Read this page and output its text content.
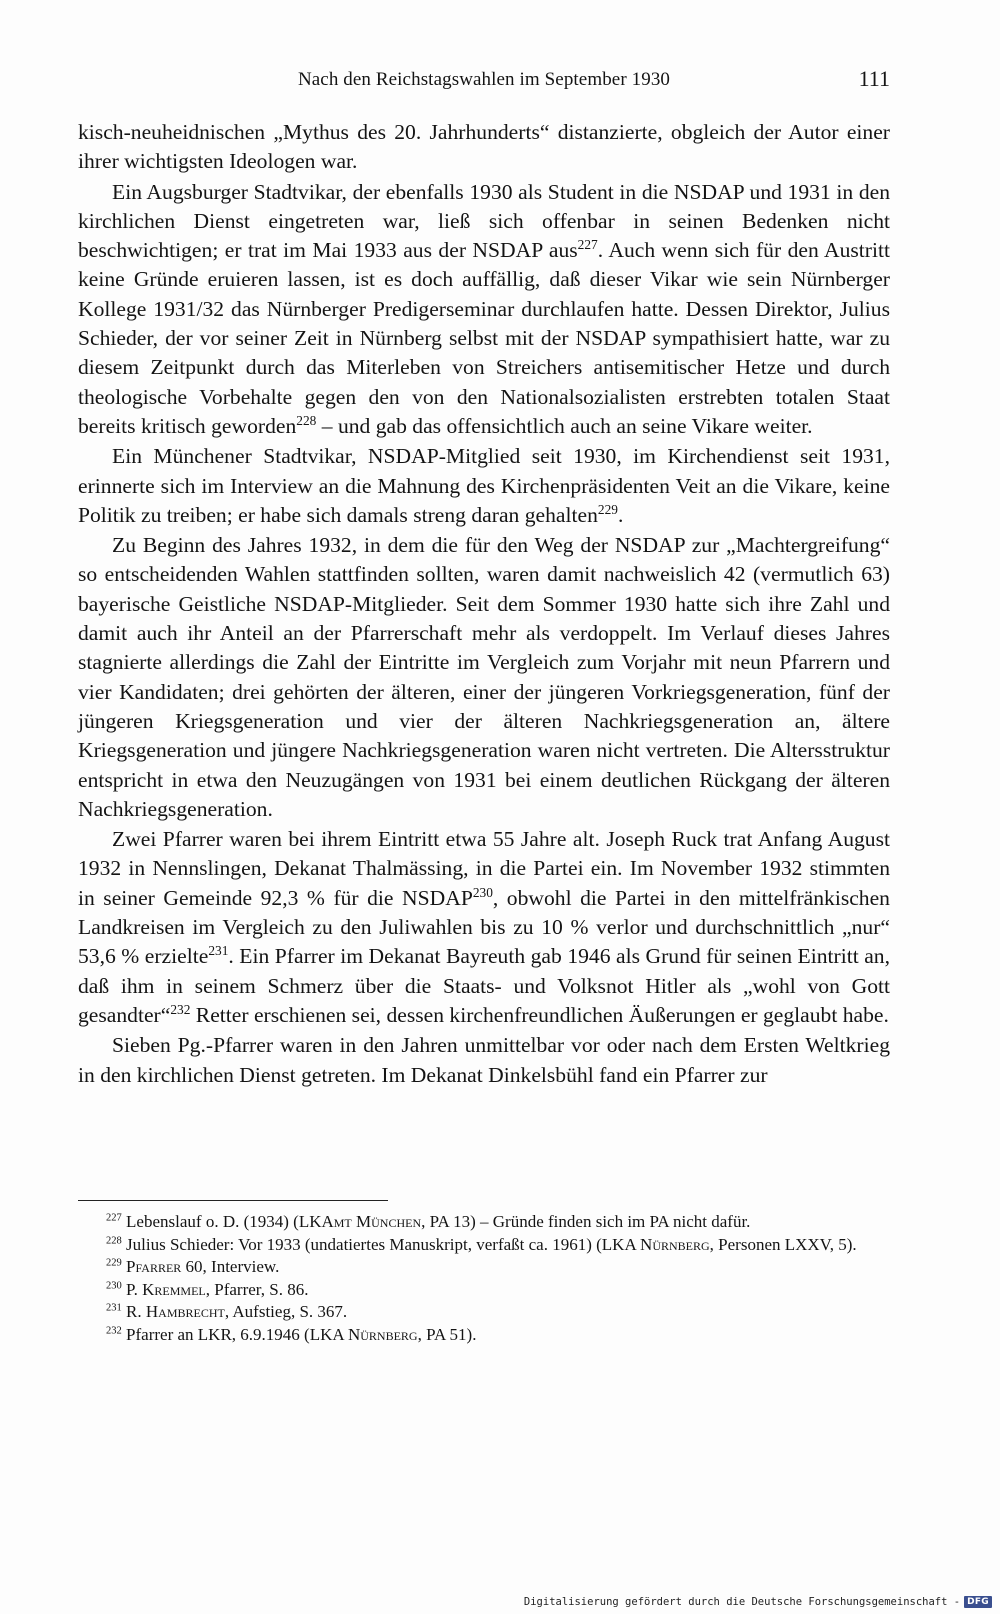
Nach den Reichstagswahlen im September 1930	111

kisch-neuheidnischen „Mythus des 20. Jahrhunderts“ distanzierte, obgleich der Autor einer ihrer wichtigsten Ideologen war.

Ein Augsburger Stadtvikar, der ebenfalls 1930 als Student in die NSDAP und 1931 in den kirchlichen Dienst eingetreten war, ließ sich offenbar in seinen Bedenken nicht beschwichtigen; er trat im Mai 1933 aus der NSDAP aus$^{227}$. Auch wenn sich für den Austritt keine Gründe eruieren lassen, ist es doch auffällig, daß dieser Vikar wie sein Nürnberger Kollege 1931/32 das Nürnberger Predigerseminar durchlaufen hatte. Dessen Direktor, Julius Schieder, der vor seiner Zeit in Nürnberg selbst mit der NSDAP sympathisiert hatte, war zu diesem Zeitpunkt durch das Miterleben von Streichers antisemitischer Hetze und durch theologische Vorbehalte gegen den von den Nationalsozialisten erstrebten totalen Staat bereits kritisch geworden$^{228}$ – und gab das offensichtlich auch an seine Vikare weiter.

Ein Münchener Stadtvikar, NSDAP-Mitglied seit 1930, im Kirchendienst seit 1931, erinnerte sich im Interview an die Mahnung des Kirchenpräsidenten Veit an die Vikare, keine Politik zu treiben; er habe sich damals streng daran gehalten$^{229}$.

Zu Beginn des Jahres 1932, in dem die für den Weg der NSDAP zur „Machtergreifung“ so entscheidenden Wahlen stattfinden sollten, waren damit nachweislich 42 (vermutlich 63) bayerische Geistliche NSDAP-Mitglieder. Seit dem Sommer 1930 hatte sich ihre Zahl und damit auch ihr Anteil an der Pfarrerschaft mehr als verdoppelt. Im Verlauf dieses Jahres stagnierte allerdings die Zahl der Eintritte im Vergleich zum Vorjahr mit neun Pfarrern und vier Kandidaten; drei gehörten der älteren, einer der jüngeren Vorkriegsgeneration, fünf der jüngeren Kriegsgeneration und vier der älteren Nachkriegsgeneration an, ältere Kriegsgeneration und jüngere Nachkriegsgeneration waren nicht vertreten. Die Altersstruktur entspricht in etwa den Neuzugängen von 1931 bei einem deutlichen Rückgang der älteren Nachkriegsgeneration.

Zwei Pfarrer waren bei ihrem Eintritt etwa 55 Jahre alt. Joseph Ruck trat Anfang August 1932 in Nennslingen, Dekanat Thalmässing, in die Partei ein. Im November 1932 stimmten in seiner Gemeinde 92,3 % für die NSDAP$^{230}$, obwohl die Partei in den mittelfränkischen Landkreisen im Vergleich zu den Juliwahlen bis zu 10 % verlor und durchschnittlich „nur“ 53,6 % erzielte$^{231}$. Ein Pfarrer im Dekanat Bayreuth gab 1946 als Grund für seinen Eintritt an, daß ihm in seinem Schmerz über die Staats- und Volksnot Hitler als „wohl von Gott gesandter“$^{232}$ Retter erschienen sei, dessen kirchenfreundlichen Äußerungen er geglaubt habe.

Sieben Pg.-Pfarrer waren in den Jahren unmittelbar vor oder nach dem Ersten Weltkrieg in den kirchlichen Dienst getreten. Im Dekanat Dinkelsbühl fand ein Pfarrer zur

$^{227}$ Lebenslauf o. D. (1934) (LKAmt München, PA 13) – Gründe finden sich im PA nicht dafür.

$^{228}$ Julius Schieder: Vor 1933 (undatiertes Manuskript, verfaßt ca. 1961) (LKA Nürnberg, Personen LXXV, 5).

$^{229}$ Pfarrer 60, Interview.

$^{230}$ P. Kremmel, Pfarrer, S. 86.

$^{231}$ R. Hambrecht, Aufstieg, S. 367.

$^{232}$ Pfarrer an LKR, 6.9.1946 (LKA Nürnberg, PA 51).

Digitalisierung gefördert durch die Deutsche Forschungsgemeinschaft - DFG
